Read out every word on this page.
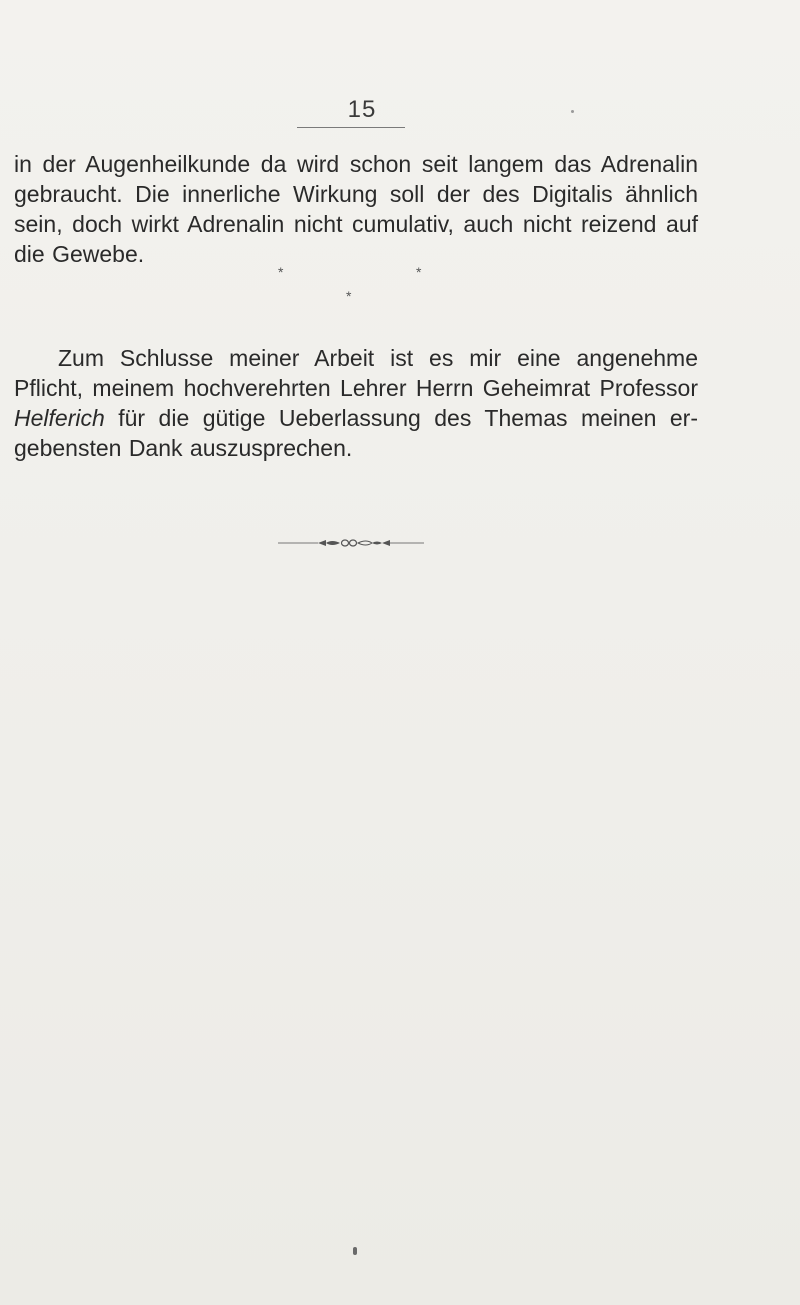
15
in der Augenheilkunde da wird schon seit langem das Adrenalin
gebraucht. Die innerliche Wirkung soll der des Digitalis ähnlich
sein, doch wirkt Adrenalin nicht cumulativ, auch nicht reizend auf
die Gewebe.
*	*
*
Zum Schlusse meiner Arbeit ist es mir eine angenehme
Pflicht, meinem hochverehrten Lehrer Herrn Geheimrat Professor
Helferich für die gütige Ueberlassung des Themas meinen er-
gebensten Dank auszusprechen.
